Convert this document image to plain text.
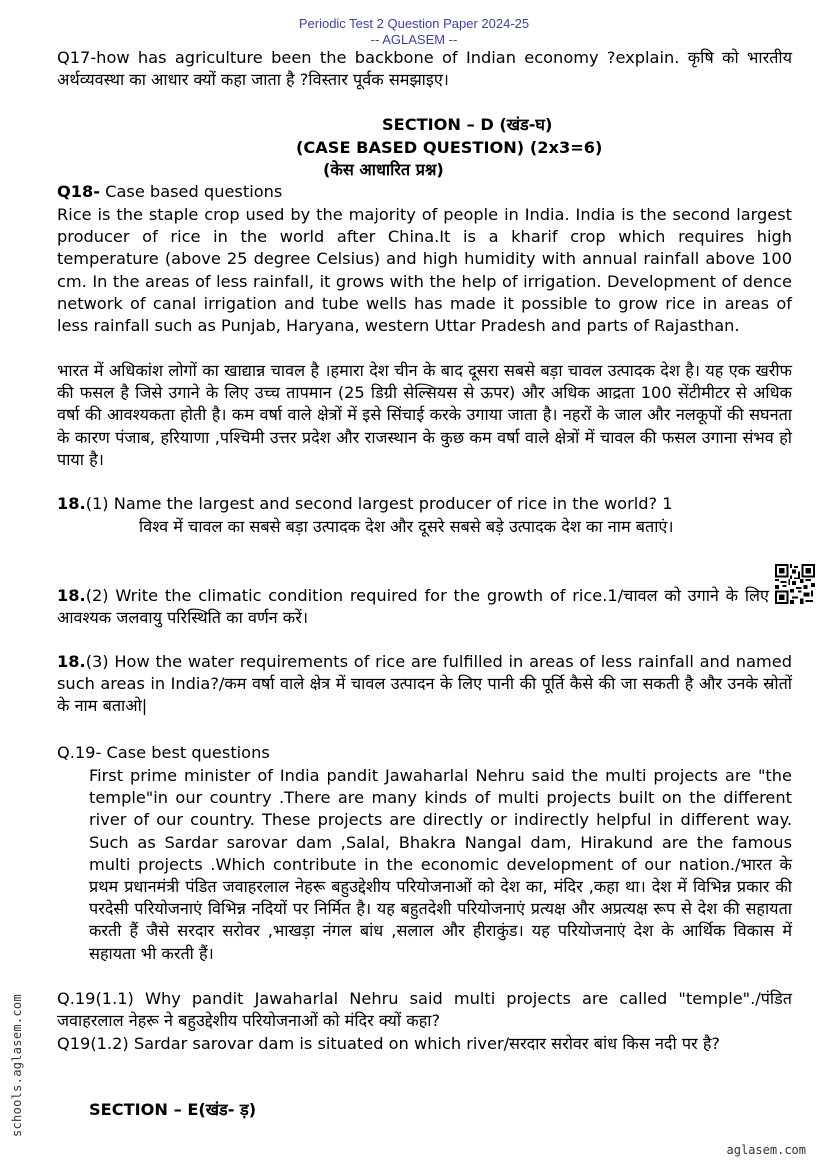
Periodic Test 2 Question Paper 2024-25
-- AGLASEM --
Q17-how has agriculture been the backbone of Indian economy ?explain. कृषि को भारतीय अर्थव्यवस्था का आधार क्यों कहा जाता है ?विस्तार पूर्वक समझाइए।
SECTION – D (खंड-घ)
(CASE BASED QUESTION) (2x3=6)
(केस आधारित प्रश्न)
Q18- Case based questions
Rice is the staple crop used by the majority of people in India. India is the second largest producer of rice in the world after China.It is a kharif crop which requires high temperature (above 25 degree Celsius) and high humidity with annual rainfall above 100 cm. In the areas of less rainfall, it grows with the help of irrigation. Development of dence network of canal irrigation and tube wells has made it possible to grow rice in areas of less rainfall such as Punjab, Haryana, western Uttar Pradesh and parts of Rajasthan.
भारत में अधिकांश लोगों का खाद्यान्न चावल है ।हमारा देश चीन के बाद दूसरा सबसे बड़ा चावल उत्पादक देश है। यह एक खरीफ की फसल है जिसे उगाने के लिए उच्च तापमान (25 डिग्री सेल्सियस से ऊपर) और अधिक आद्रता 100 सेंटीमीटर से अधिक वर्षा की आवश्यकता होती है। कम वर्षा वाले क्षेत्रों में इसे सिंचाई करके उगाया जाता है। नहरों के जाल और नलकूपों की सघनता के कारण पंजाब, हरियाणा ,पश्चिमी उत्तर प्रदेश और राजस्थान के कुछ कम वर्षा वाले क्षेत्रों में चावल की फसल उगाना संभव हो पाया है।
18.(1) Name the largest and second largest producer of rice in the world? 1
विश्व में चावल का सबसे बड़ा उत्पादक देश और दूसरे सबसे बड़े उत्पादक देश का नाम बताएं।
18.(2) Write the climatic condition required for the growth of rice.1/चावल को उगाने के लिए आवश्यक जलवायु परिस्थिति का वर्णन करें।
18.(3) How the water requirements of rice are fulfilled in areas of less rainfall and named such areas in India?/कम वर्षा वाले क्षेत्र में चावल उत्पादन के लिए पानी की पूर्ति कैसे की जा सकती है और उनके स्रोतों के नाम बताओ|
Q.19- Case best questions
First prime minister of India pandit Jawaharlal Nehru said the multi projects are "the temple"in our country .There are many kinds of multi projects built on the different river of our country. These projects are directly or indirectly helpful in different way. Such as Sardar sarovar dam ,Salal, Bhakra Nangal dam, Hirakund are the famous multi projects .Which contribute in the economic development of our nation./भारत के प्रथम प्रधानमंत्री पंडित जवाहरलाल नेहरू बहुउद्देशीय परियोजनाओं को देश का, मंदिर ,कहा था। देश में विभिन्न प्रकार की परदेसी परियोजनाएं विभिन्न नदियों पर निर्मित है। यह बहुतदेशी परियोजनाएं प्रत्यक्ष और अप्रत्यक्ष रूप से देश की सहायता करती हैं जैसे सरदार सरोवर ,भाखड़ा नंगल बांध ,सलाल और हीराकुंड। यह परियोजनाएं देश के आर्थिक विकास में सहायता भी करती हैं।
Q.19(1.1) Why pandit Jawaharlal Nehru said multi projects are called "temple"./पंडित जवाहरलाल नेहरू ने बहुउद्देशीय परियोजनाओं को मंदिर क्यों कहा?
Q19(1.2) Sardar sarovar dam is situated on which river/सरदार सरोवर बांध किस नदी पर है?
SECTION – E(खंड- ड़)
schools.aglasem.com
aglasem.com
